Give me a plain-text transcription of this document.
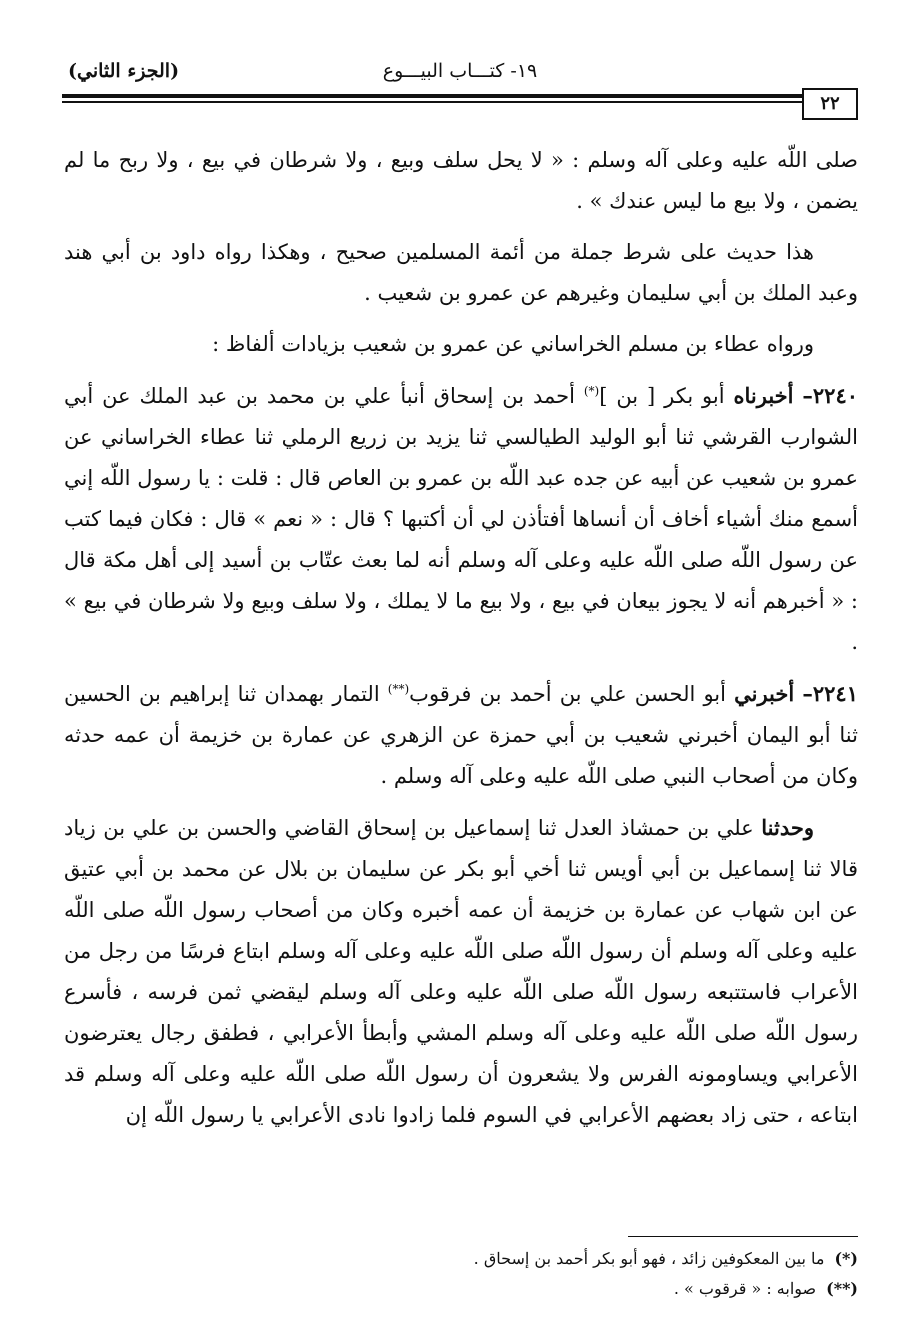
(الجزء الثاني)	١٩- كتـــاب البيـــوع
٢٢

صلى اللّه عليه وعلى آله وسلم : « لا يحل سلف وبيع ، ولا شرطان في بيع ، ولا ربح ما لم يضمن ، ولا بيع ما ليس عندك » .

هذا حديث على شرط جملة من أئمة المسلمين صحيح ، وهكذا رواه داود بن أبي هند وعبد الملك بن أبي سليمان وغيرهم عن عمرو بن شعيب .

ورواه عطاء بن مسلم الخراساني عن عمرو بن شعيب بزيادات ألفاظ :

٢٢٤٠– أخبرناه أبو بكر [ بن ](*) أحمد بن إسحاق أنبأ علي بن محمد بن عبد الملك عن أبي الشوارب القرشي ثنا أبو الوليد الطيالسي ثنا يزيد بن زريع الرملي ثنا عطاء الخراساني عن عمرو بن شعيب عن أبيه عن جده عبد اللّه بن عمرو بن العاص قال : قلت : يا رسول اللّه إني أسمع منك أشياء أخاف أن أنساها أفتأذن لي أن أكتبها ؟ قال : « نعم » قال : فكان فيما كتب عن رسول اللّه صلى اللّه عليه وعلى آله وسلم أنه لما بعث عتّاب بن أسيد إلى أهل مكة قال : « أخبرهم أنه لا يجوز بيعان في بيع ، ولا بيع ما لا يملك ، ولا سلف وبيع ولا شرطان في بيع » .

٢٢٤١– أخبرني أبو الحسن علي بن أحمد بن فرقوب(**) التمار بهمدان ثنا إبراهيم بن الحسين ثنا أبو اليمان أخبرني شعيب بن أبي حمزة عن الزهري عن عمارة بن خزيمة أن عمه حدثه وكان من أصحاب النبي صلى اللّه عليه وعلى آله وسلم .

وحدثنا علي بن حمشاذ العدل ثنا إسماعيل بن إسحاق القاضي والحسن بن علي بن زياد قالا ثنا إسماعيل بن أبي أويس ثنا أخي أبو بكر عن سليمان بن بلال عن محمد بن أبي عتيق عن ابن شهاب عن عمارة بن خزيمة أن عمه أخبره وكان من أصحاب رسول اللّه صلى اللّه عليه وعلى آله وسلم أن رسول اللّه صلى اللّه عليه وعلى آله وسلم ابتاع فرسًا من رجل من الأعراب فاستتبعه رسول اللّه صلى اللّه عليه وعلى آله وسلم ليقضي ثمن فرسه ، فأسرع رسول اللّه صلى اللّه عليه وعلى آله وسلم المشي وأبطأ الأعرابي ، فطفق رجال يعترضون الأعرابي ويساومونه الفرس ولا يشعرون أن رسول اللّه صلى اللّه عليه وعلى آله وسلم قد ابتاعه ، حتى زاد بعضهم الأعرابي في السوم فلما زادوا نادى الأعرابي يا رسول اللّه إن

(*)ما بين المعكوفين زائد ، فهو أبو بكر أحمد بن إسحاق .

(**)صوابه : « قرقوب » .
